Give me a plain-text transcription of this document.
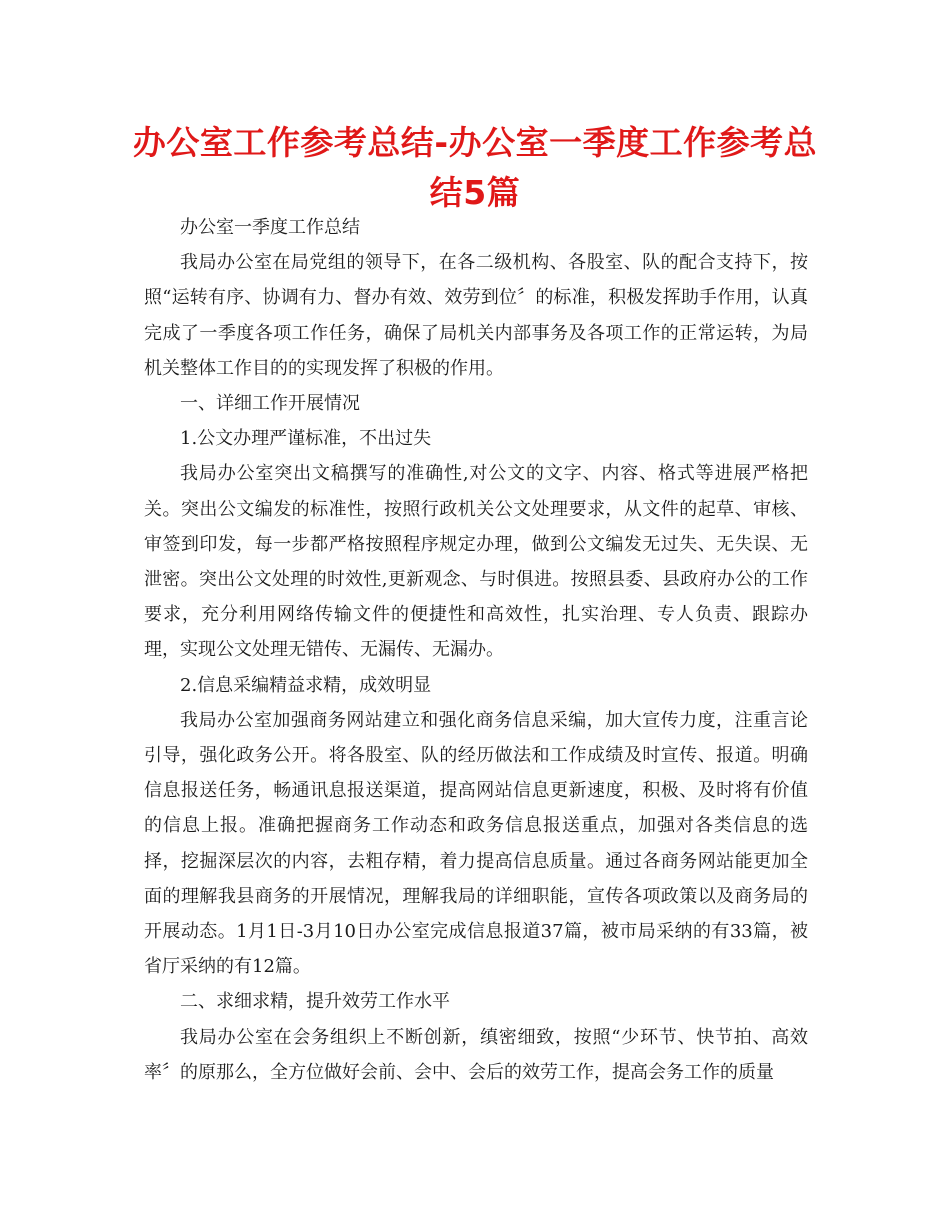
办公室工作参考总结-办公室一季度工作参考总结5篇

办公室一季度工作总结

我局办公室在局党组的领导下，在各二级机构、各股室、队的配合支持下，按照“运转有序、协调有力、督办有效、效劳到位〞的标准，积极发挥助手作用，认真完成了一季度各项工作任务，确保了局机关内部事务及各项工作的正常运转，为局机关整体工作目的的实现发挥了积极的作用。

一、详细工作开展情况

1.公文办理严谨标准，不出过失

我局办公室突出文稿撰写的准确性,对公文的文字、内容、格式等进展严格把关。突出公文编发的标准性，按照行政机关公文处理要求，从文件的起草、审核、审签到印发，每一步都严格按照程序规定办理，做到公文编发无过失、无失误、无泄密。突出公文处理的时效性,更新观念、与时俱进。按照县委、县政府办公的工作要求，充分利用网络传输文件的便捷性和高效性，扎实治理、专人负责、跟踪办理，实现公文处理无错传、无漏传、无漏办。

2.信息采编精益求精，成效明显

我局办公室加强商务网站建立和强化商务信息采编，加大宣传力度，注重言论引导，强化政务公开。将各股室、队的经历做法和工作成绩及时宣传、报道。明确信息报送任务，畅通讯息报送渠道，提高网站信息更新速度，积极、及时将有价值的信息上报。准确把握商务工作动态和政务信息报送重点，加强对各类信息的选择，挖掘深层次的内容，去粗存精，着力提高信息质量。通过各商务网站能更加全面的理解我县商务的开展情况，理解我局的详细职能，宣传各项政策以及商务局的开展动态。1月1日-3月10日办公室完成信息报道37篇，被市局采纳的有33篇，被省厅采纳的有12篇。

二、求细求精，提升效劳工作水平

我局办公室在会务组织上不断创新，缜密细致，按照“少环节、快节拍、高效率〞的原那么，全方位做好会前、会中、会后的效劳工作，提高会务工作的质量
